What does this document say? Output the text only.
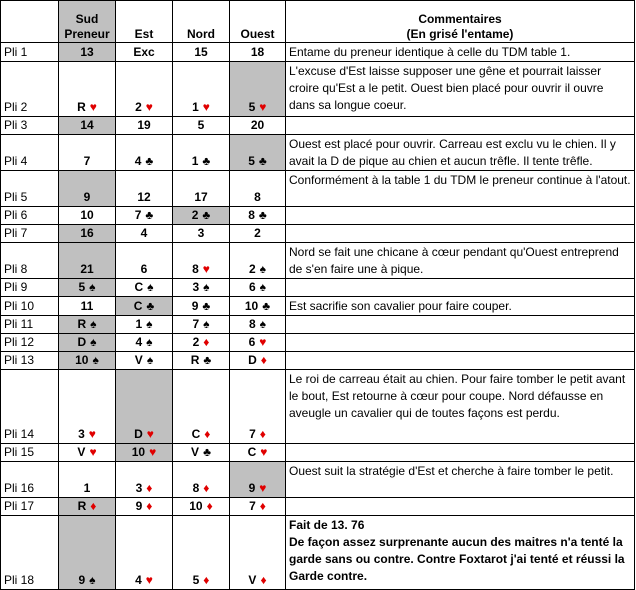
	Sud
Preneur	Est	Nord	Ouest	Commentaires
(En grisé l'entame)
Pli 1	13	Exc	15	18	Entame du preneur identique à celle du TDM table 1.
Pli 2	R ♥	2 ♥	1 ♥	5 ♥	L'excuse d'Est laisse supposer une gêne et pourrait laisser croire qu'Est a le petit. Ouest bien placé pour ouvrir il ouvre dans sa longue coeur.
Pli 3	14	19	5	20	
Pli 4	7	4 ♣	1 ♣	5 ♣	Ouest est placé pour ouvrir. Carreau est exclu vu le chien. Il y avait la D de pique au chien et aucun trêfle. Il tente trêfle.
Pli 5	9	12	17	8	Conformément à la table 1 du TDM le preneur continue à l'atout.
Pli 6	10	7 ♣	2 ♣	8 ♣	
Pli 7	16	4	3	2	
Pli 8	21	6	8 ♥	2 ♠	Nord se fait une chicane à cœur pendant qu'Ouest entreprend de s'en faire une à pique.
Pli 9	5 ♠	C ♠	3 ♠	6 ♠	
Pli 10	11	C ♣	9 ♣	10 ♣	Est sacrifie son cavalier pour faire couper.
Pli 11	R ♠	1 ♠	7 ♠	8 ♠	
Pli 12	D ♠	4 ♠	2 ♦	6 ♥	
Pli 13	10 ♠	V ♠	R ♣	D ♦	
Pli 14	3 ♥	D ♥	C ♦	7 ♦	Le roi de carreau était au chien. Pour faire tomber le petit avant le bout, Est retourne à cœur pour coupe. Nord défausse en aveugle un cavalier qui de toutes façons est perdu.
Pli 15	V ♥	10 ♥	V ♣	C ♥	
Pli 16	1	3 ♦	8 ♦	9 ♥	Ouest suit la stratégie d'Est et cherche à faire tomber le petit.
Pli 17	R ♦	9 ♦	10 ♦	7 ♦	
Pli 18	9 ♠	4 ♥	5 ♦	V ♦	Fait de 13. 76
De façon assez surprenante aucun des maitres n'a tenté la garde sans ou contre. Contre Foxtarot j'ai tenté et réussi la Garde contre.
